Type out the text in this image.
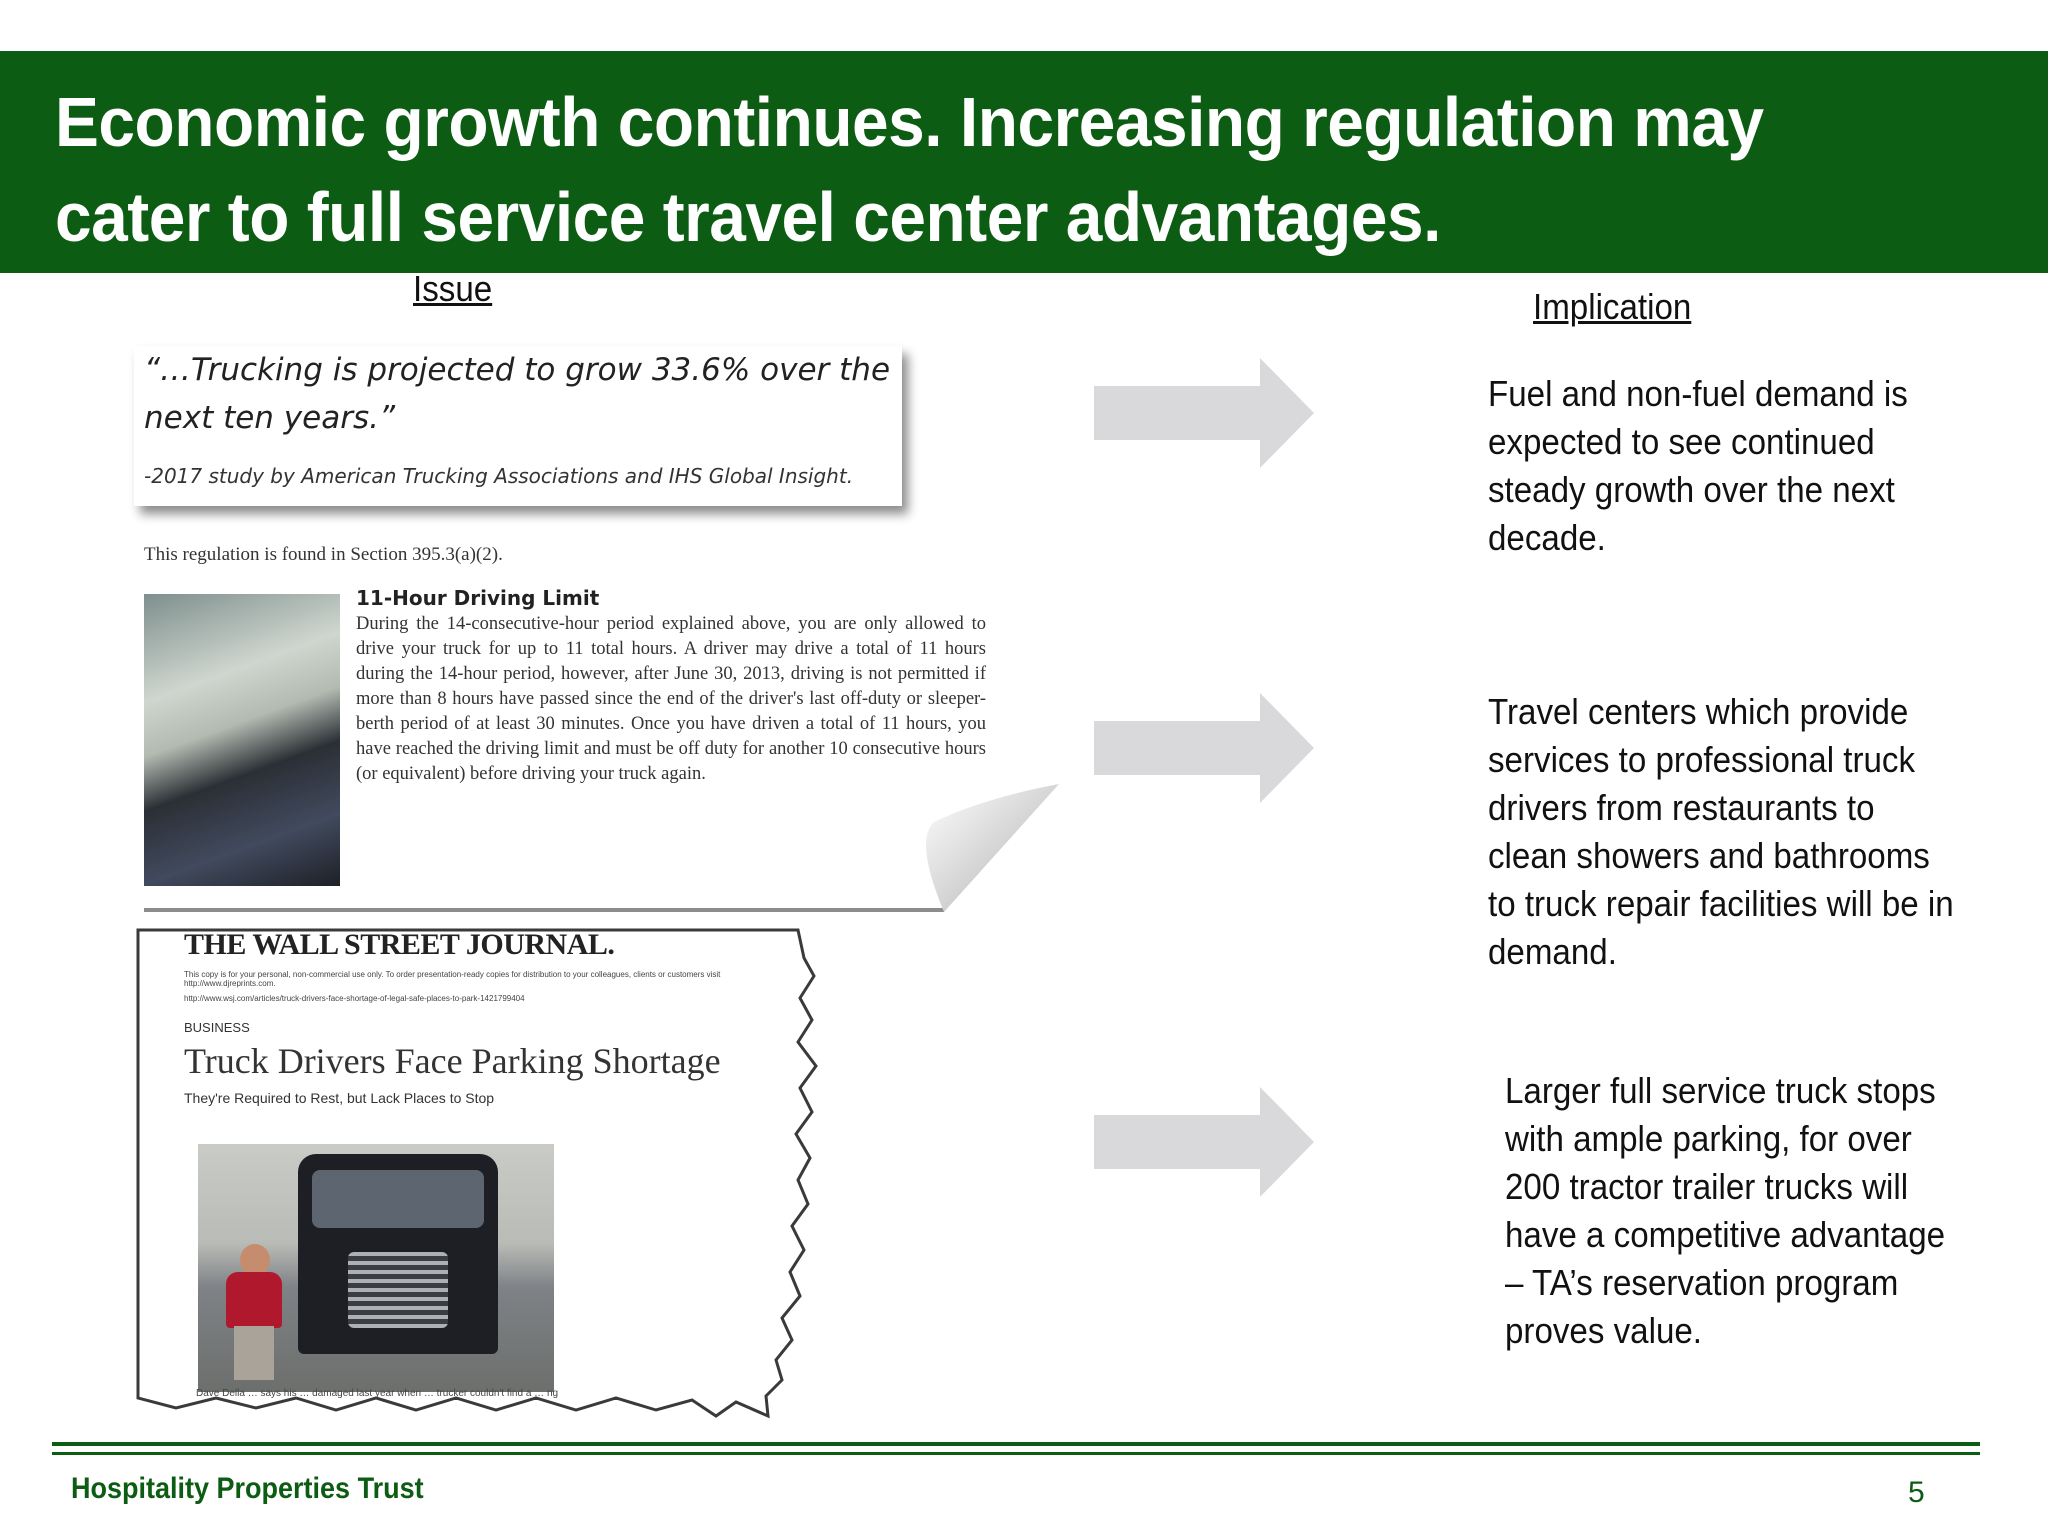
Economic growth continues. Increasing regulation may cater to full service travel center advantages.
Issue	Implication
“…Trucking is projected to grow 33.6% over the next ten years.”
-2017 study by American Trucking Associations and IHS Global Insight.
This regulation is found in Section 395.3(a)(2).
11-Hour Driving Limit
During the 14-consecutive-hour period explained above, you are only allowed to drive your truck for up to 11 total hours. A driver may drive a total of 11 hours during the 14-hour period, however, after June 30, 2013, driving is not permitted if more than 8 hours have passed since the end of the driver's last off-duty or sleeper-berth period of at least 30 minutes. Once you have driven a total of 11 hours, you have reached the driving limit and must be off duty for another 10 consecutive hours (or equivalent) before driving your truck again.
THE WALL STREET JOURNAL.
This copy is for your personal, non-commercial use only. To order presentation-ready copies for distribution to your colleagues, clients or customers visit http://www.djreprints.com.
http://www.wsj.com/articles/truck-drivers-face-shortage-of-legal-safe-places-to-park-1421799404
BUSINESS
Truck Drivers Face Parking Shortage
They're Required to Rest, but Lack Places to Stop
Dave Della … says his … damaged last year when … trucker couldn't find a … ng
Fuel and non-fuel demand is expected to see continued steady growth over the next decade.
Travel centers which provide services to professional truck drivers from restaurants to clean showers and bathrooms to truck repair facilities will be in demand.
Larger full service truck stops with ample parking, for over 200 tractor trailer trucks will have a competitive advantage – TA’s reservation program proves value.
Hospitality Properties Trust	5
